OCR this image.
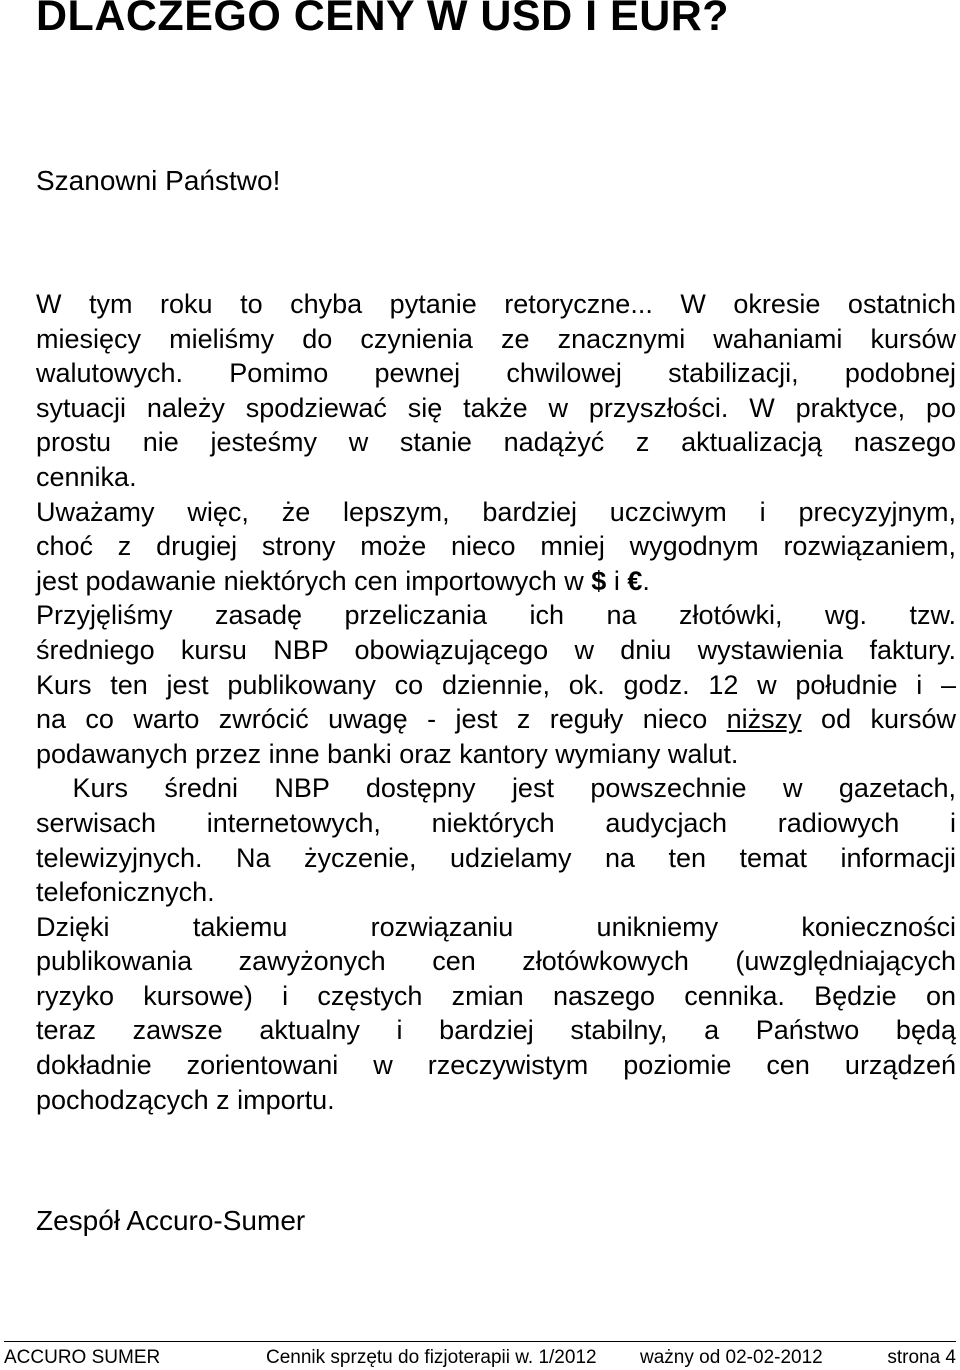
DLACZEGO CENY W USD I EUR?
Szanowni Państwo!

W tym roku to chyba pytanie retoryczne... W okresie ostatnich

miesięcy mieliśmy do czynienia ze znacznymi wahaniami kursów

walutowych. Pomimo pewnej chwilowej stabilizacji, podobnej

sytuacji należy spodziewać się także w przyszłości. W praktyce, po

prostu nie jesteśmy w stanie nadążyć z aktualizacją naszego

cennika.

Uważamy więc, że lepszym, bardziej uczciwym i precyzyjnym,

choć z drugiej strony może nieco mniej wygodnym rozwiązaniem,

jest podawanie niektórych cen importowych w $ i €.

Przyjęliśmy zasadę przeliczania ich na złotówki, wg. tzw.

średniego kursu NBP obowiązującego w dniu wystawienia faktury.

Kurs ten jest publikowany co dziennie, ok. godz. 12 w południe i –

na co warto zwrócić uwagę - jest z reguły nieco niższy od kursów

podawanych przez inne banki oraz kantory wymiany walut.

Kurs średni NBP dostępny jest powszechnie w gazetach,

serwisach internetowych, niektórych audycjach radiowych i

telewizyjnych. Na życzenie, udzielamy na ten temat informacji

telefonicznych.

Dzięki takiemu rozwiązaniu unikniemy konieczności

publikowania zawyżonych cen złotówkowych (uwzględniających

ryzyko kursowe) i częstych zmian naszego cennika. Będzie on

teraz zawsze aktualny i bardziej stabilny, a Państwo będą

dokładnie zorientowani w rzeczywistym poziomie cen urządzeń

pochodzących z importu.

Zespół Accuro-Sumer
ACCURO SUMER	Cennik sprzętu do fizjoterapii w. 1/2012 ważny od 02-02-2012	strona 4
